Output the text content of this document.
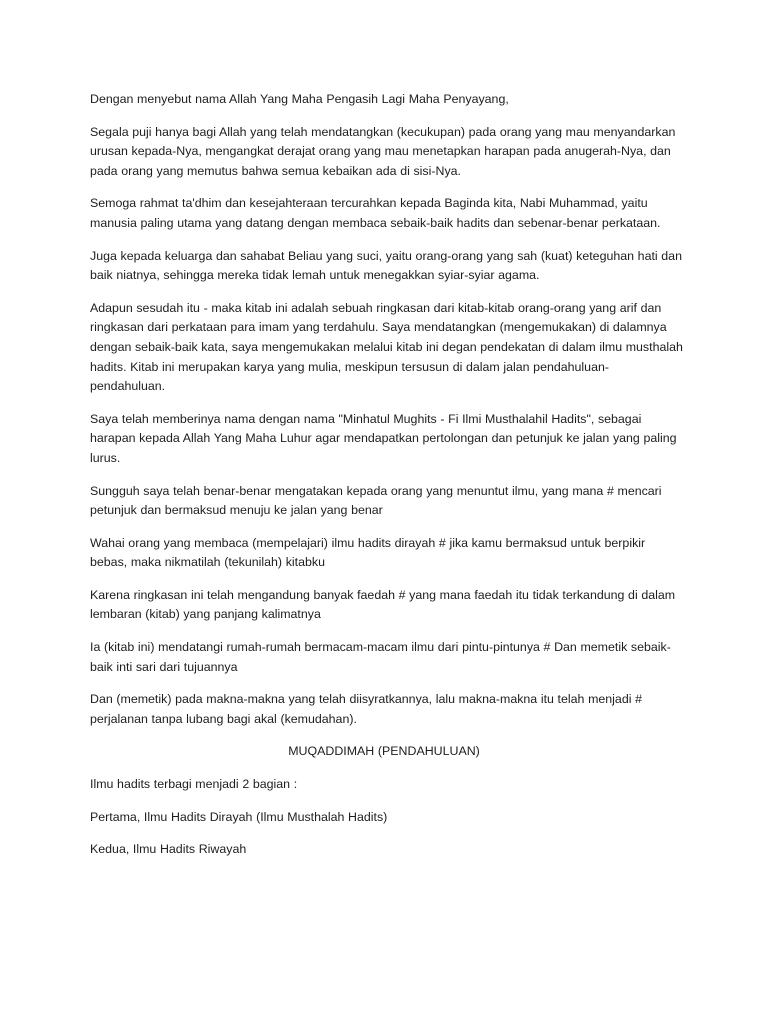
Dengan menyebut nama Allah Yang Maha Pengasih Lagi Maha Penyayang,

Segala puji hanya bagi Allah yang telah mendatangkan (kecukupan) pada orang yang mau menyandarkan urusan kepada-Nya, mengangkat derajat orang yang mau menetapkan harapan pada anugerah-Nya, dan pada orang yang memutus bahwa semua kebaikan ada di sisi-Nya.

Semoga rahmat ta'dhim dan kesejahteraan tercurahkan kepada Baginda kita, Nabi Muhammad, yaitu manusia paling utama yang datang dengan membaca sebaik-baik hadits dan sebenar-benar perkataan.

Juga kepada keluarga dan sahabat Beliau yang suci, yaitu orang-orang yang sah (kuat) keteguhan hati dan baik niatnya, sehingga mereka tidak lemah untuk menegakkan syiar-syiar agama.

Adapun sesudah itu - maka kitab ini adalah sebuah ringkasan dari kitab-kitab orang-orang yang arif dan ringkasan dari perkataan para imam yang terdahulu. Saya mendatangkan (mengemukakan) di dalamnya dengan sebaik-baik kata, saya mengemukakan melalui kitab ini degan pendekatan di dalam ilmu musthalah hadits. Kitab ini merupakan karya yang mulia, meskipun tersusun di dalam jalan pendahuluan-pendahuluan.

Saya telah memberinya nama dengan nama "Minhatul Mughits - Fi Ilmi Musthalahil Hadits", sebagai harapan kepada Allah Yang Maha Luhur agar mendapatkan pertolongan dan petunjuk ke jalan yang paling lurus.

Sungguh saya telah benar-benar mengatakan kepada orang yang menuntut ilmu, yang mana # mencari petunjuk dan bermaksud menuju ke jalan yang benar

Wahai orang yang membaca (mempelajari) ilmu hadits dirayah # jika kamu bermaksud untuk berpikir bebas, maka nikmatilah (tekunilah) kitabku

Karena ringkasan ini telah mengandung banyak faedah # yang mana faedah itu tidak terkandung di dalam lembaran (kitab) yang panjang kalimatnya

Ia (kitab ini) mendatangi rumah-rumah bermacam-macam ilmu dari pintu-pintunya # Dan memetik sebaik-baik inti sari dari tujuannya

Dan (memetik) pada makna-makna yang telah diisyratkannya, lalu makna-makna itu telah menjadi # perjalanan tanpa lubang bagi akal (kemudahan).

MUQADDIMAH (PENDAHULUAN)

Ilmu hadits terbagi menjadi 2 bagian :

Pertama, Ilmu Hadits Dirayah (Ilmu Musthalah Hadits)

Kedua, Ilmu Hadits Riwayah
